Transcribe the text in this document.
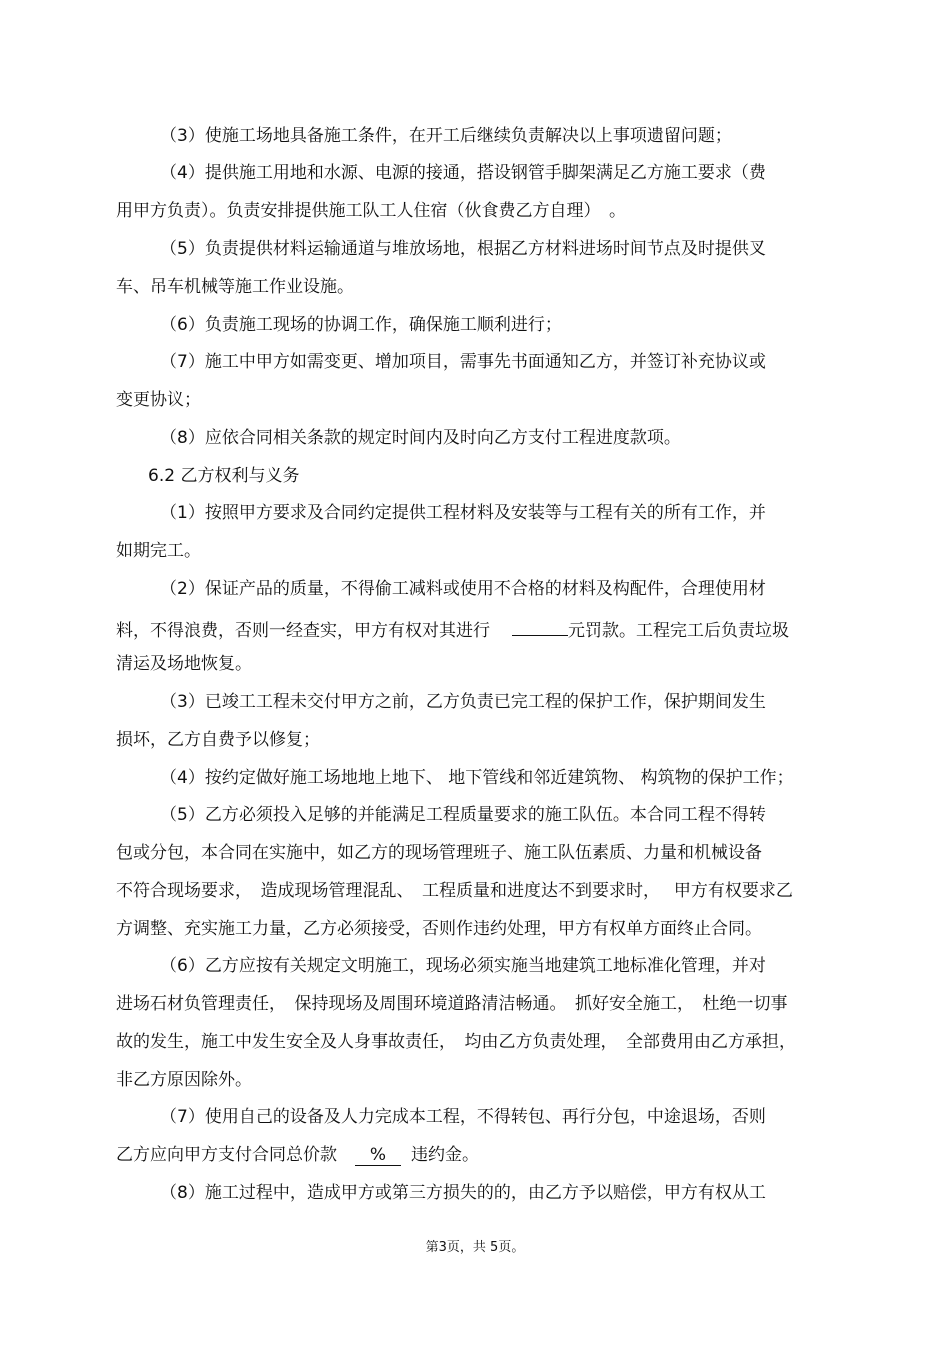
（3）使施工场地具备施工条件，在开工后继续负责解决以上事项遗留问题；
（4）提供施工用地和水源、电源的接通，搭设钢管手脚架满足乙方施工要求（费
用甲方负责）。负责安排提供施工队工人住宿（伙食费乙方自理）　。
（5）负责提供材料运输通道与堆放场地，根据乙方材料进场时间节点及时提供叉
车、吊车机械等施工作业设施。
（6）负责施工现场的协调工作，确保施工顺利进行；
（7）施工中甲方如需变更、增加项目，需事先书面通知乙方，并签订补充协议或
变更协议；
（8）应依合同相关条款的规定时间内及时向乙方支付工程进度款项。
6.2 乙方权利与义务
（1）按照甲方要求及合同约定提供工程材料及安装等与工程有关的所有工作，并
如期完工。
（2）保证产品的质量，不得偷工减料或使用不合格的材料及构配件，合理使用材
料，不得浪费，否则一经查实，甲方有权对其进行	元罚款。工程完工后负责垃圾
清运及场地恢复。
（3）已竣工工程未交付甲方之前，乙方负责已完工程的保护工作，保护期间发生
损坏，乙方自费予以修复；
（4）按约定做好施工场地地上地下、 地下管线和邻近建筑物、 构筑物的保护工作；
（5）乙方必须投入足够的并能满足工程质量要求的施工队伍。本合同工程不得转
包或分包，本合同在实施中，如乙方的现场管理班子、施工队伍素质、力量和机械设备
不符合现场要求，　造成现场管理混乱、　工程质量和进度达不到要求时，　 甲方有权要求乙
方调整、充实施工力量，乙方必须接受，否则作违约处理，甲方有权单方面终止合同。
（6）乙方应按有关规定文明施工，现场必须实施当地建筑工地标准化管理，并对
进场石材负管理责任，　保持现场及周围环境道路清洁畅通。　抓好安全施工，　杜绝一切事
故的发生，施工中发生安全及人身事故责任，　均由乙方负责处理，　全部费用由乙方承担，
非乙方原因除外。
（7）使用自己的设备及人力完成本工程，不得转包、再行分包，中途退场，否则
乙方应向甲方支付合同总价款 % 违约金。
（8）施工过程中，造成甲方或第三方损失的的，由乙方予以赔偿，甲方有权从工
第3页，共 5页。
